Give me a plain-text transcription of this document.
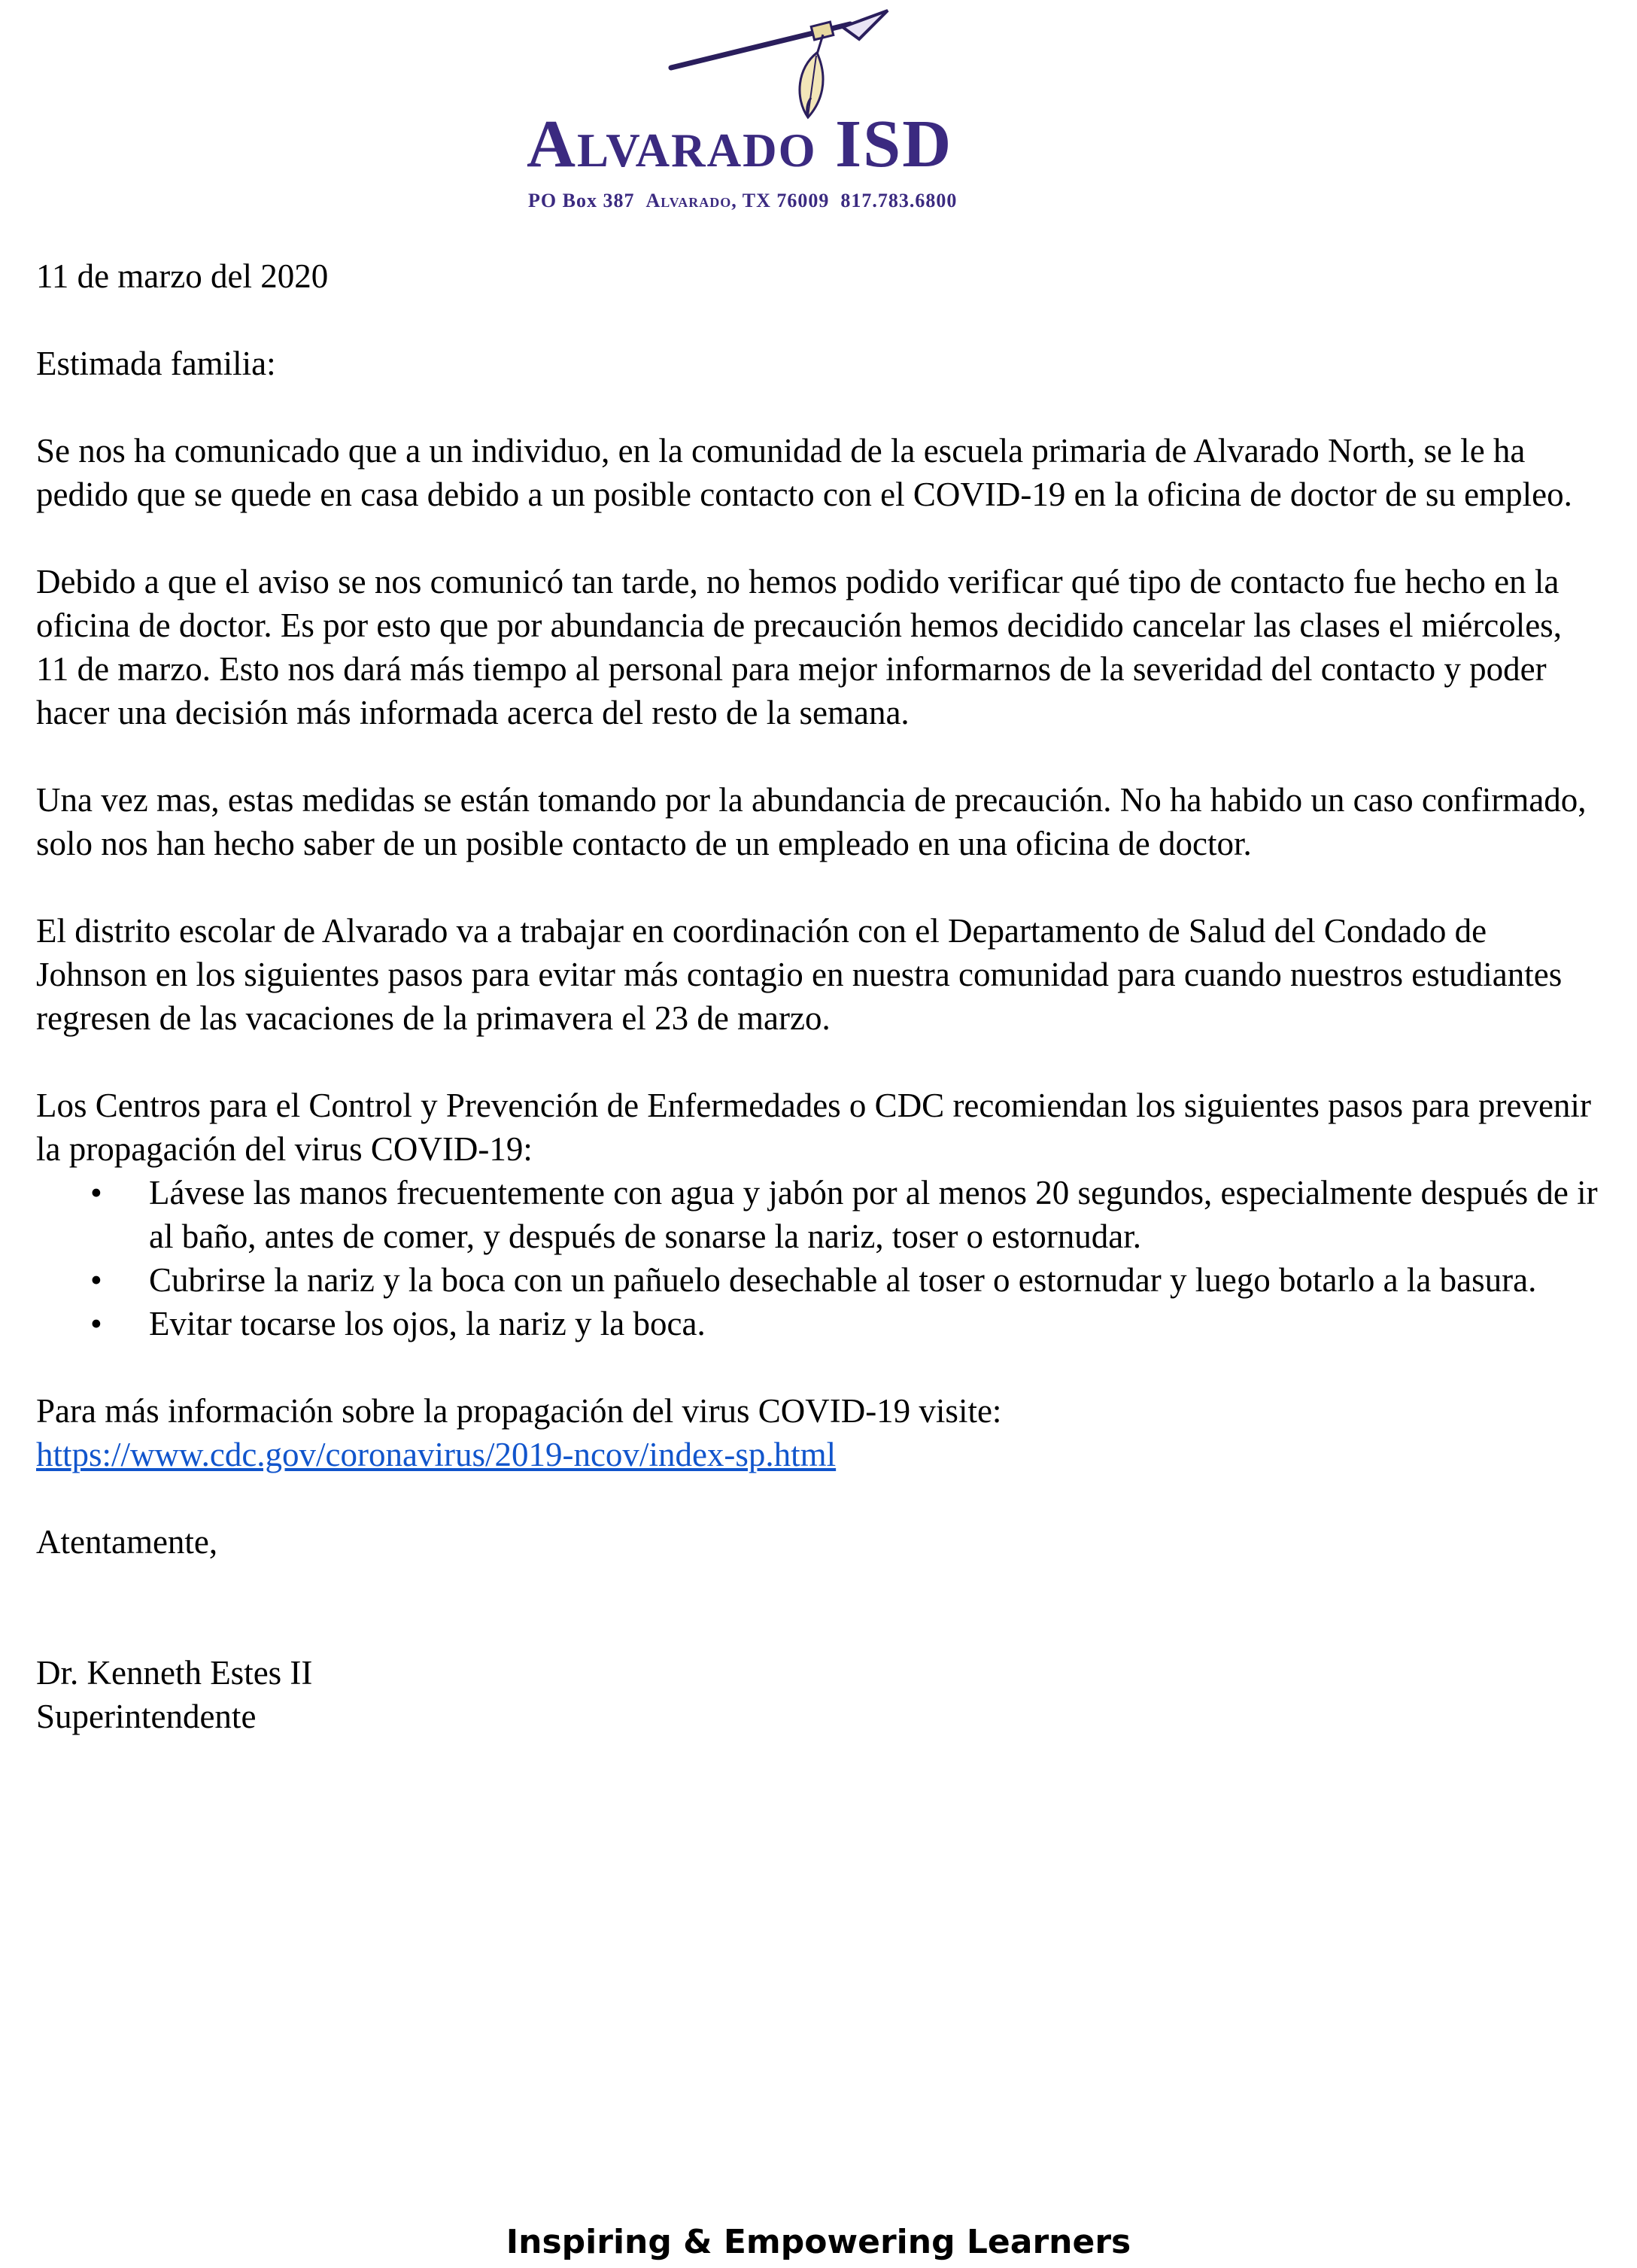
Alvarado ISD
PO Box 387 Alvarado, TX 76009 817.783.6800

11 de marzo del 2020

Estimada familia:

Se nos ha comunicado que a un individuo, en la comunidad de la escuela primaria de Alvarado North, se le ha pedido que se quede en casa debido a un posible contacto con el COVID-19 en la oficina de doctor de su empleo.

Debido a que el aviso se nos comunicó tan tarde, no hemos podido verificar qué tipo de contacto fue hecho en la oficina de doctor. Es por esto que por abundancia de precaución hemos decidido cancelar las clases el miércoles, 11 de marzo. Esto nos dará más tiempo al personal para mejor informarnos de la severidad del contacto y poder hacer una decisión más informada acerca del resto de la semana.

Una vez mas, estas medidas se están tomando por la abundancia de precaución. No ha habido un caso confirmado, solo nos han hecho saber de un posible contacto de un empleado en una oficina de doctor.

El distrito escolar de Alvarado va a trabajar en coordinación con el Departamento de Salud del Condado de Johnson en los siguientes pasos para evitar más contagio en nuestra comunidad para cuando nuestros estudiantes regresen de las vacaciones de la primavera el 23 de marzo.

Los Centros para el Control y Prevención de Enfermedades o CDC recomiendan los siguientes pasos para prevenir la propagación del virus COVID-19:

• Lávese las manos frecuentemente con agua y jabón por al menos 20 segundos, especialmente después de ir al baño, antes de comer, y después de sonarse la nariz, toser o estornudar.
• Cubrirse la nariz y la boca con un pañuelo desechable al toser o estornudar y luego botarlo a la basura.
• Evitar tocarse los ojos, la nariz y la boca.

Para más información sobre la propagación del virus COVID-19 visite:
https://www.cdc.gov/coronavirus/2019-ncov/index-sp.html

Atentamente,

Dr. Kenneth Estes II

Superintendente

Inspiring & Empowering Learners
